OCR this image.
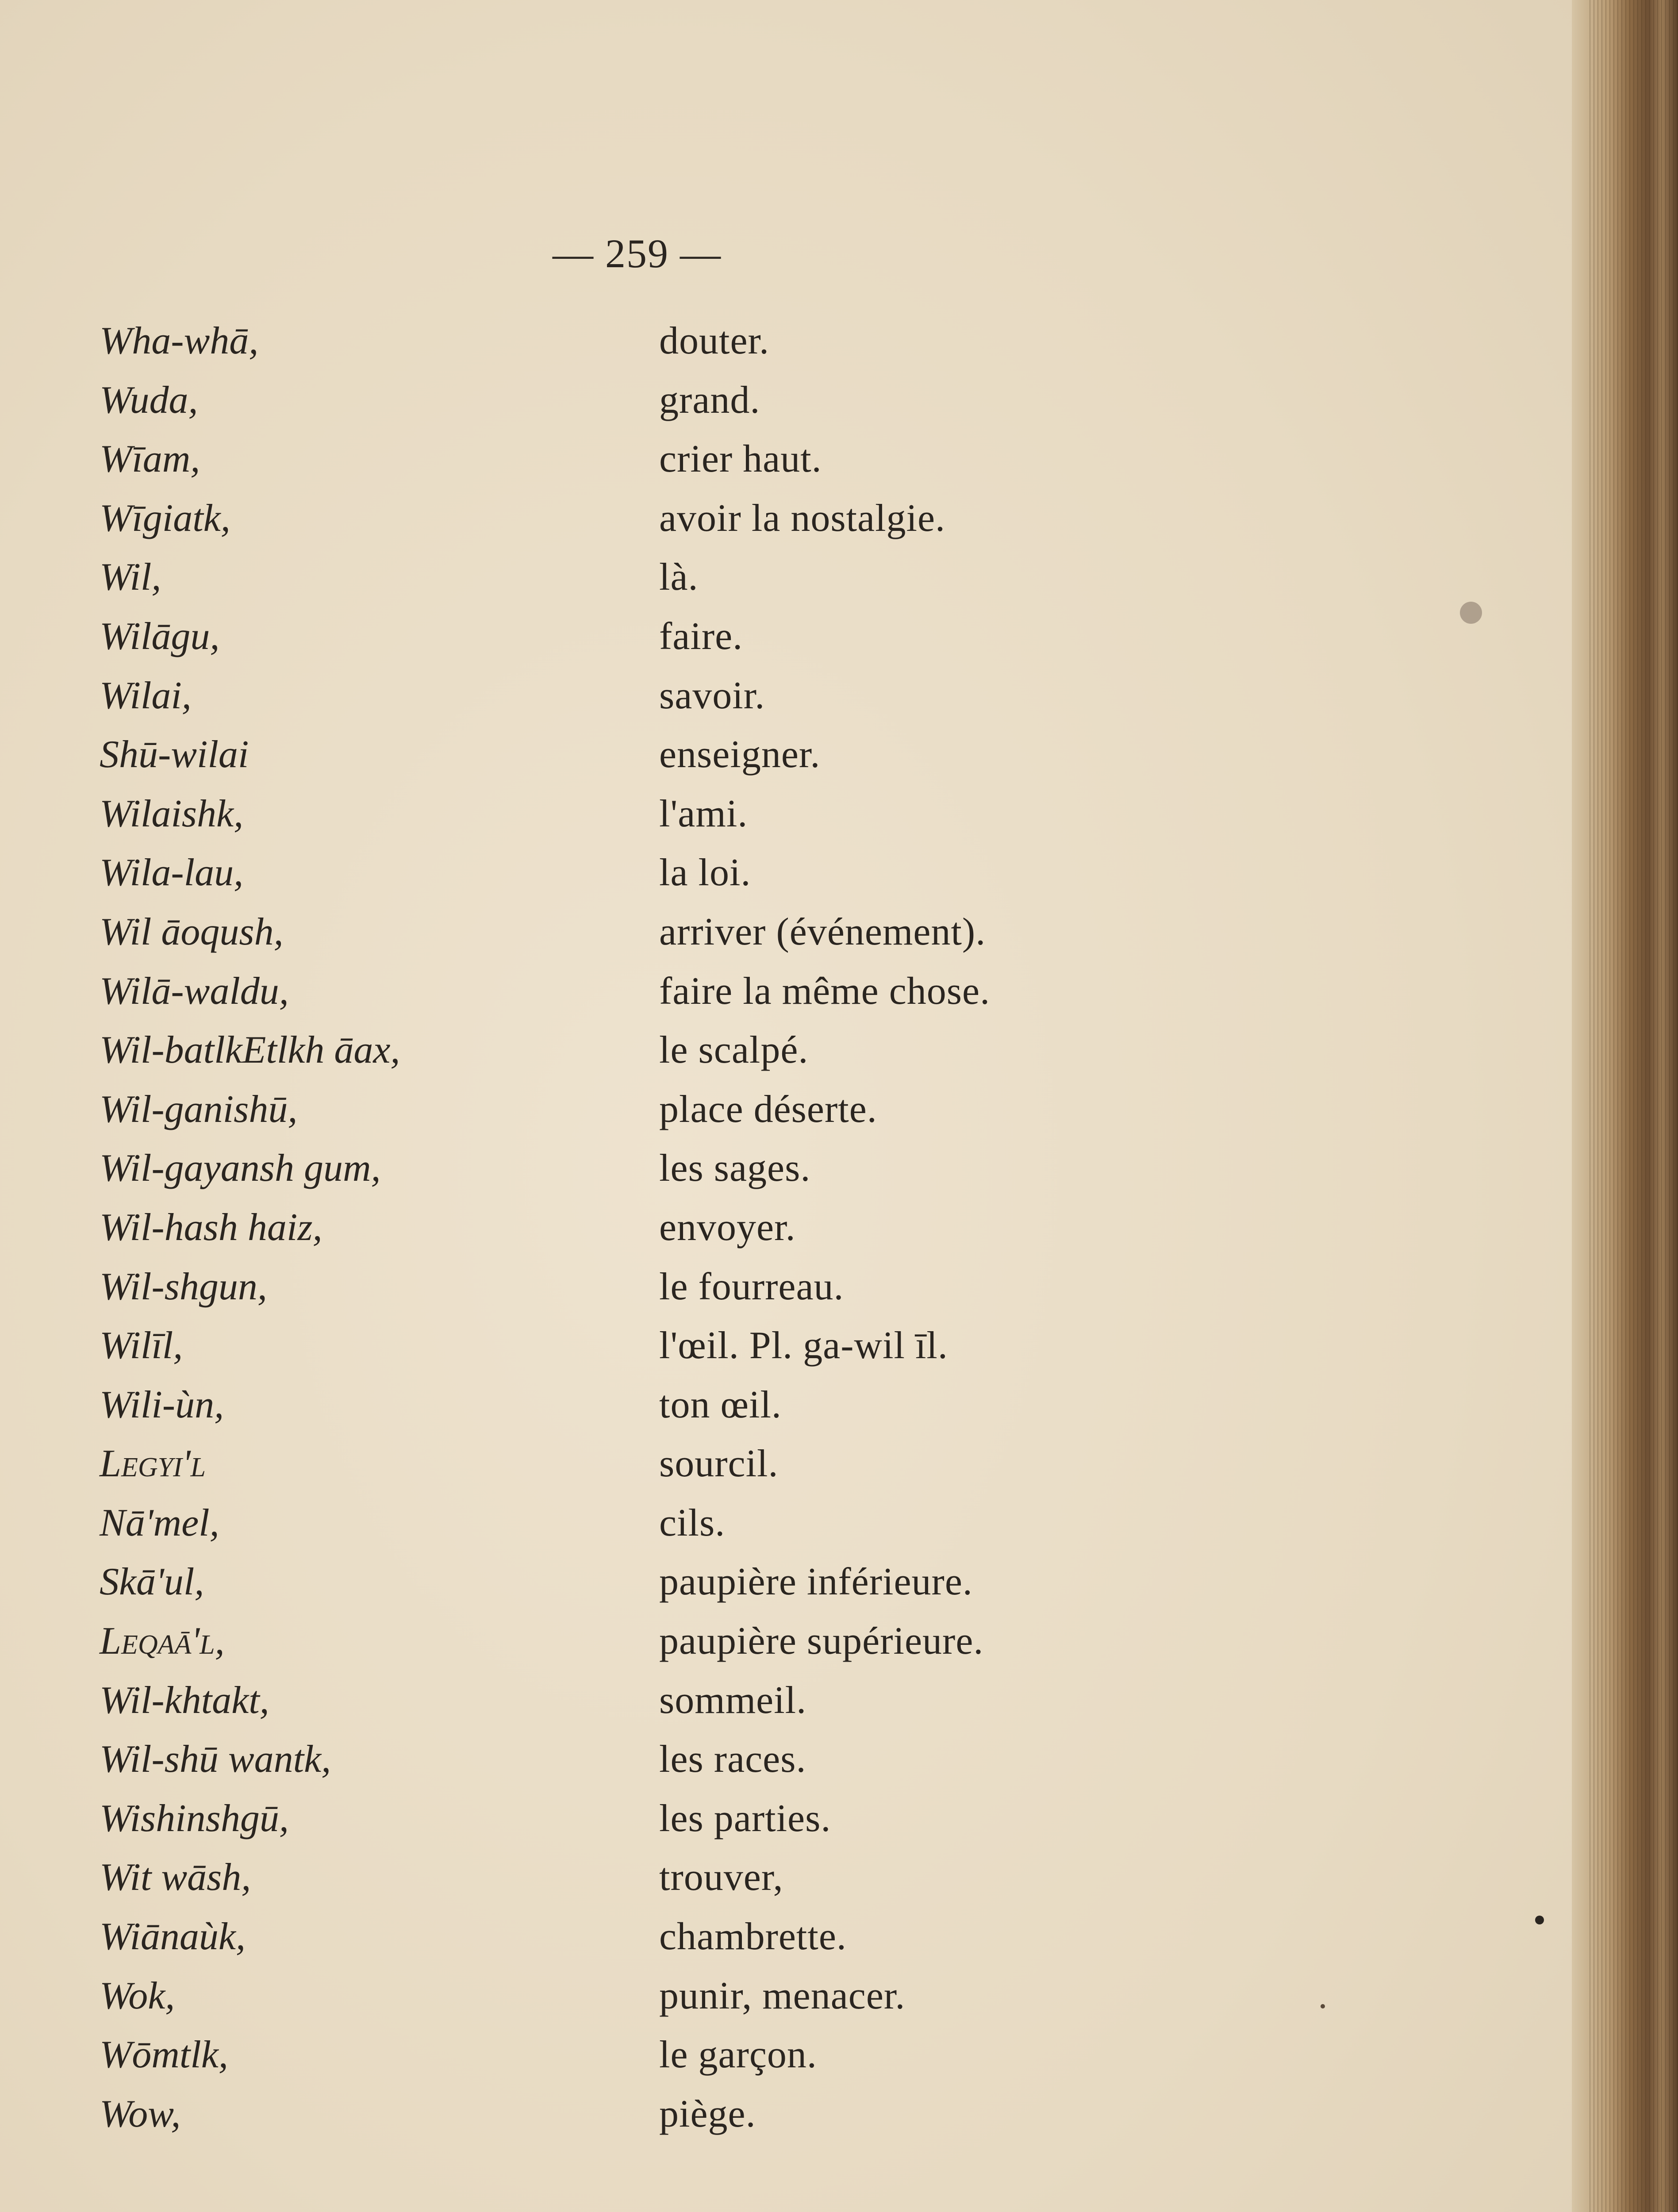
— 259 —
Wha-whā,	douter.
Wuda,	grand.
Wīam,	crier haut.
Wīgiatk,	avoir la nostalgie.
Wil,	là.
Wilāgu,	faire.
Wilai,	savoir.
Shū-wilai	enseigner.
Wilaishk,	l'ami.
Wila-lau,	la loi.
Wil āoqush,	arriver (événement).
Wilā-waldu,	faire la même chose.
Wil-batlkEtlkh āax,	le scalpé.
Wil-ganishū,	place déserte.
Wil-gayansh gum,	les sages.
Wil-hash haiz,	envoyer.
Wil-shgun,	le fourreau.
Wilīl,	l'œil. Pl. ga-wil īl.
Wili-ùn,	ton œil.
Legyi'l	sourcil.
Nā'mel,	cils.
Skā'ul,	paupière inférieure.
Leqaā'l,	paupière supérieure.
Wil-khtakt,	sommeil.
Wil-shū wantk,	les races.
Wishinshgū,	les parties.
Wit wāsh,	trouver,
Wiānaùk,	chambrette.
Wok,	punir, menacer.
Wōmtlk,	le garçon.
Wow,	piège.
